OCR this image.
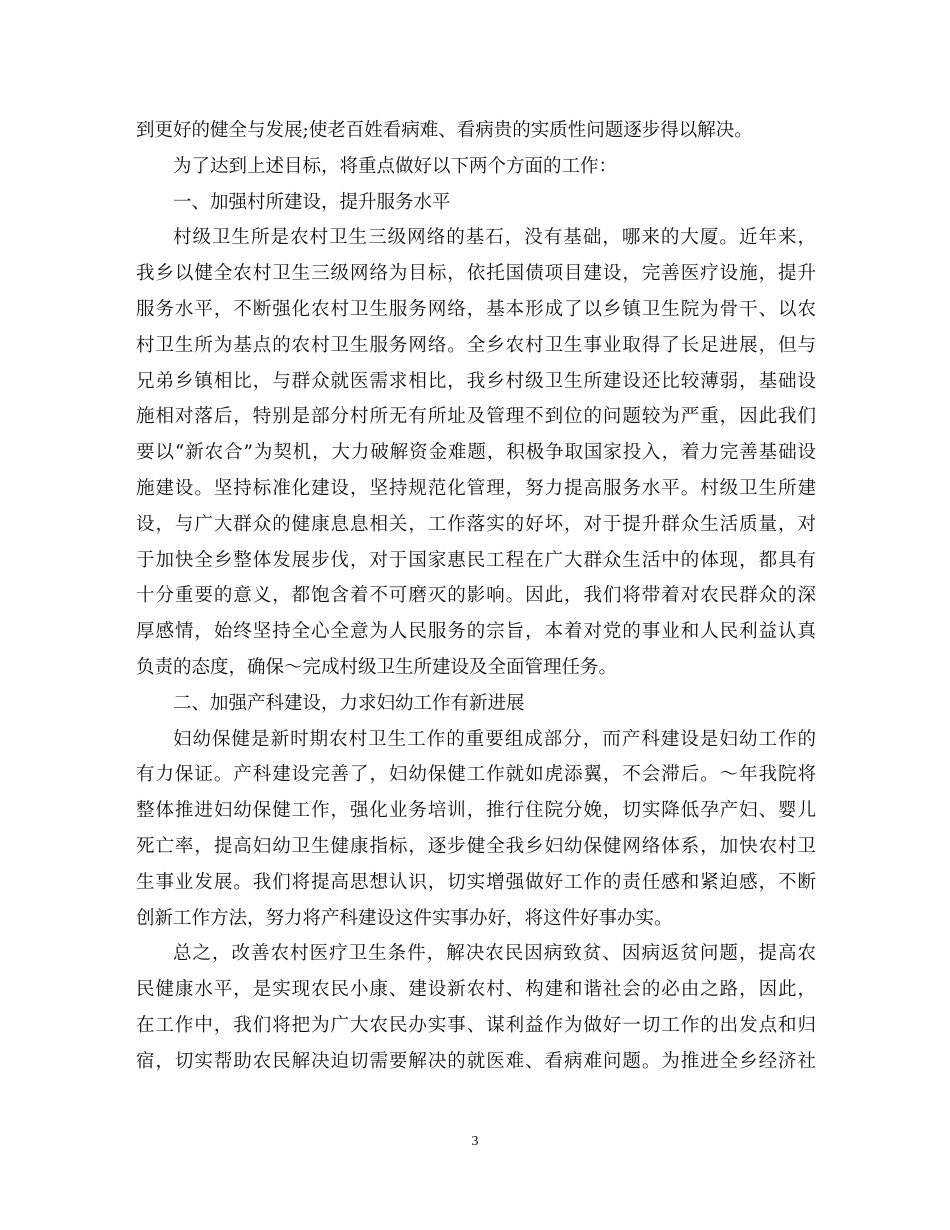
到更好的健全与发展;使老百姓看病难、看病贵的实质性问题逐步得以解决。
为了达到上述目标，将重点做好以下两个方面的工作：
一、加强村所建设，提升服务水平
村级卫生所是农村卫生三级网络的基石，没有基础，哪来的大厦。近年来，
我乡以健全农村卫生三级网络为目标，依托国债项目建设，完善医疗设施，提升
服务水平，不断强化农村卫生服务网络，基本形成了以乡镇卫生院为骨干、以农
村卫生所为基点的农村卫生服务网络。全乡农村卫生事业取得了长足进展，但与
兄弟乡镇相比，与群众就医需求相比，我乡村级卫生所建设还比较薄弱，基础设
施相对落后，特别是部分村所无有所址及管理不到位的问题较为严重，因此我们
要以“新农合”为契机，大力破解资金难题，积极争取国家投入，着力完善基础设
施建设。坚持标准化建设，坚持规范化管理，努力提高服务水平。村级卫生所建
设，与广大群众的健康息息相关，工作落实的好坏，对于提升群众生活质量，对
于加快全乡整体发展步伐，对于国家惠民工程在广大群众生活中的体现，都具有
十分重要的意义，都饱含着不可磨灭的影响。因此，我们将带着对农民群众的深
厚感情，始终坚持全心全意为人民服务的宗旨，本着对党的事业和人民利益认真
负责的态度，确保～完成村级卫生所建设及全面管理任务。
二、加强产科建设，力求妇幼工作有新进展
妇幼保健是新时期农村卫生工作的重要组成部分，而产科建设是妇幼工作的
有力保证。产科建设完善了，妇幼保健工作就如虎添翼，不会滞后。～年我院将
整体推进妇幼保健工作，强化业务培训，推行住院分娩，切实降低孕产妇、婴儿
死亡率，提高妇幼卫生健康指标，逐步健全我乡妇幼保健网络体系，加快农村卫
生事业发展。我们将提高思想认识，切实增强做好工作的责任感和紧迫感，不断
创新工作方法，努力将产科建设这件实事办好，将这件好事办实。
总之，改善农村医疗卫生条件，解决农民因病致贫、因病返贫问题，提高农
民健康水平，是实现农民小康、建设新农村、构建和谐社会的必由之路，因此，
在工作中，我们将把为广大农民办实事、谋利益作为做好一切工作的出发点和归
宿，切实帮助农民解决迫切需要解决的就医难、看病难问题。为推进全乡经济社
3
